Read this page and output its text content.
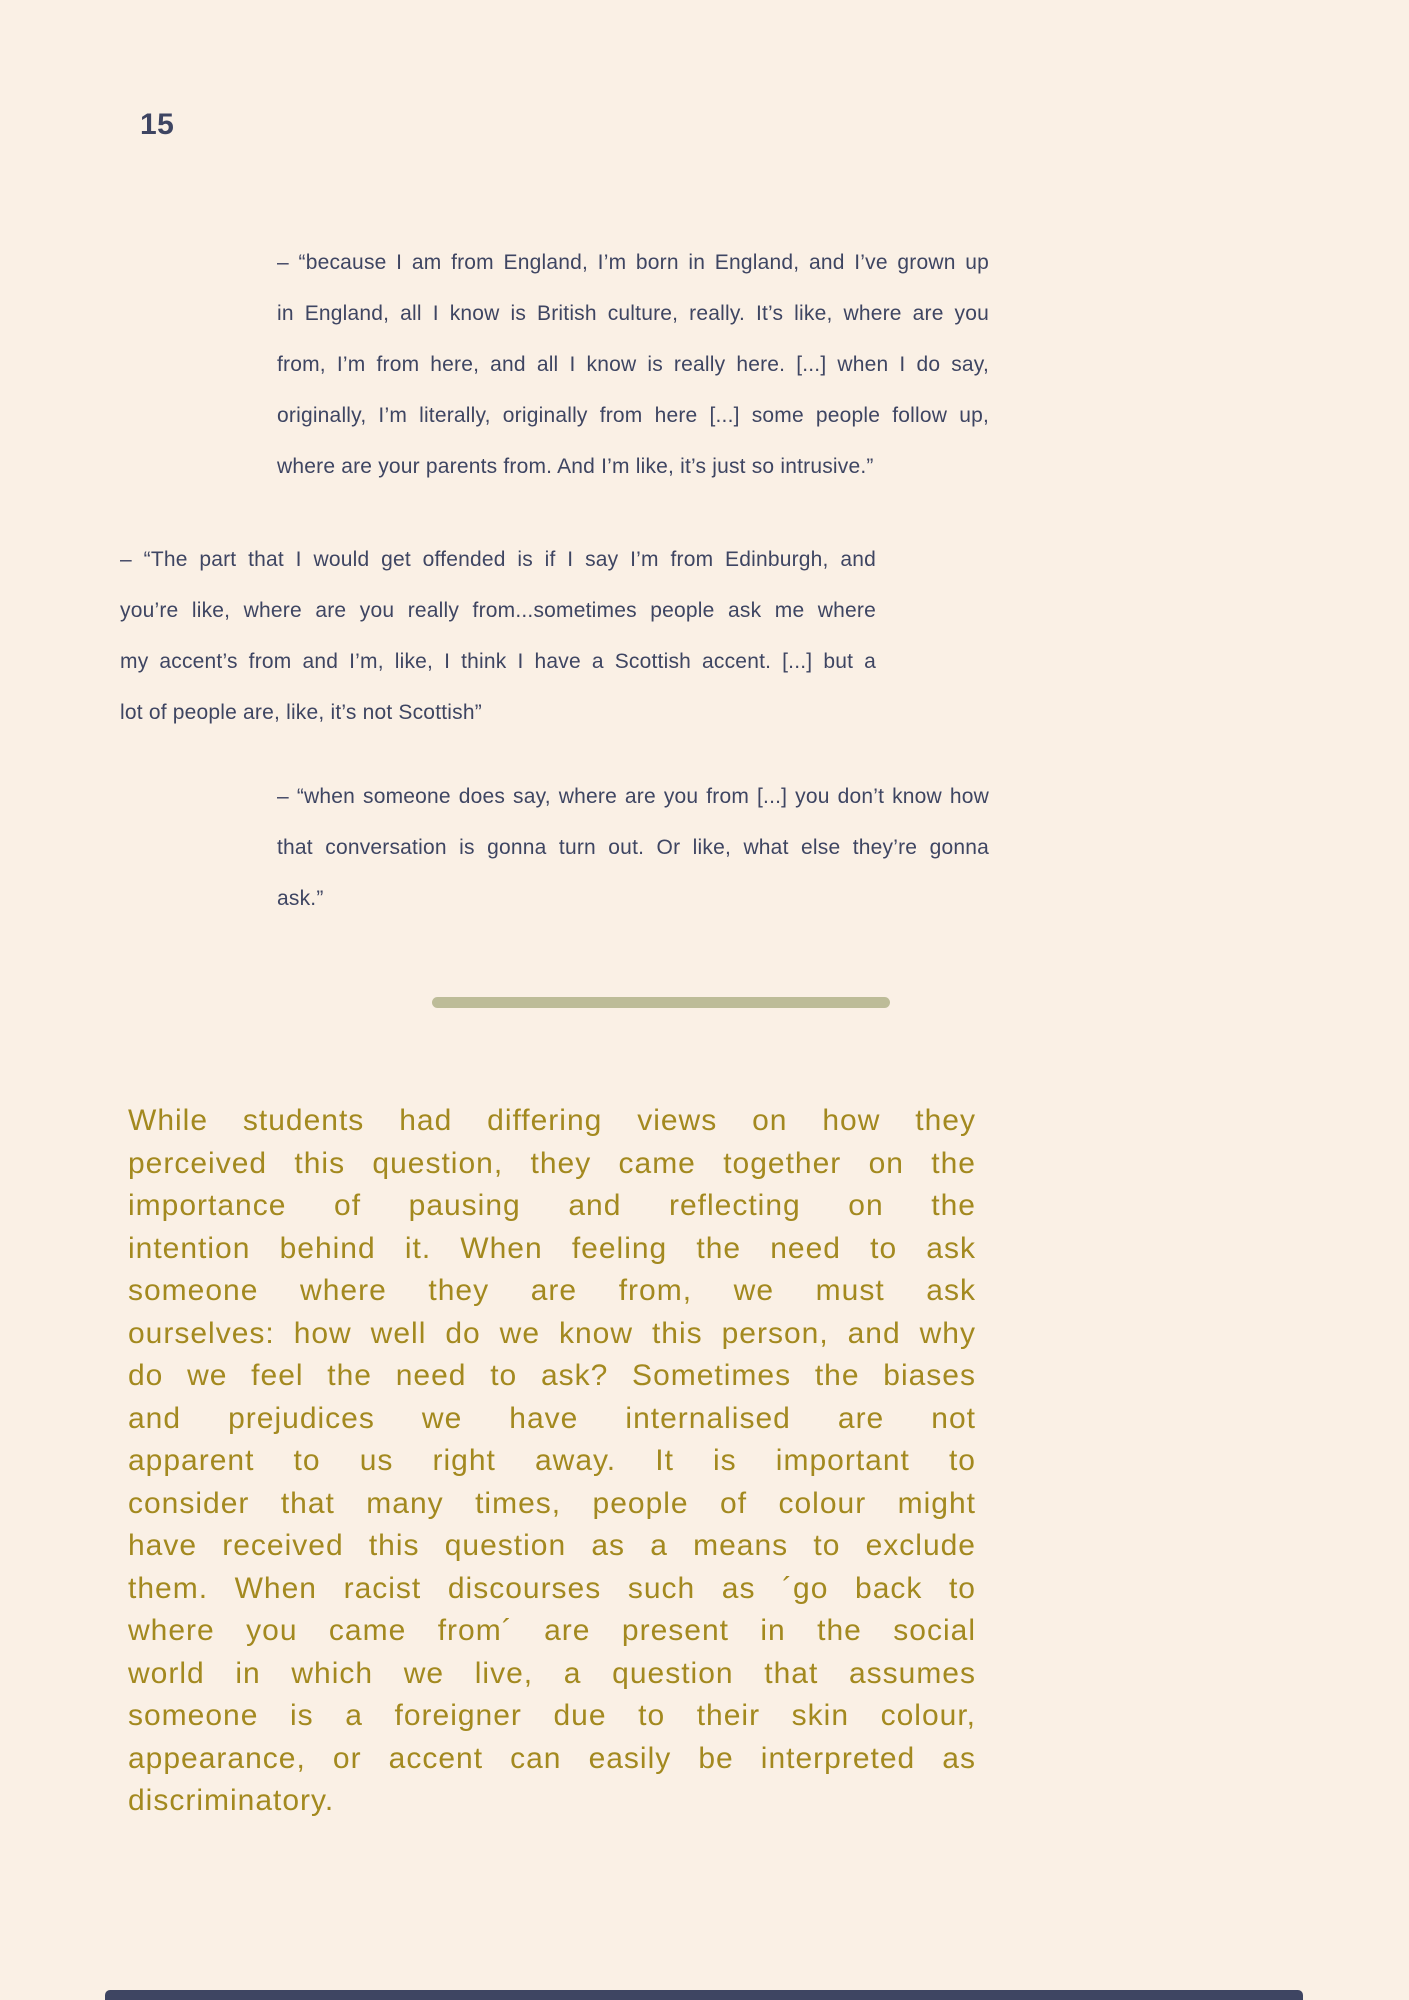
15
– “because I am from England, I’m born in England, and I’ve grown up
in England, all I know is British culture, really. It’s like, where are you
from, I’m from here, and all I know is really here. [...] when I do say,
originally, I’m literally, originally from here [...] some people follow up,
where are your parents from. And I’m like, it’s just so intrusive.”
– “The part that I would get offended is if I say I’m from Edinburgh, and
you’re like, where are you really from...sometimes people ask me where
my accent’s from and I’m, like, I think I have a Scottish accent. [...] but a
lot of people are, like, it’s not Scottish”
– “when someone does say, where are you from [...] you don’t know how
that conversation is gonna turn out. Or like, what else they’re gonna
ask.”
While students had differing views on how they
perceived this question, they came together on the
importance of pausing and reflecting on the
intention behind it. When feeling the need to ask
someone where they are from, we must ask
ourselves: how well do we know this person, and why
do we feel the need to ask? Sometimes the biases
and prejudices we have internalised are not
apparent to us right away. It is important to
consider that many times, people of colour might
have received this question as a means to exclude
them. When racist discourses such as ´go back to
where you came from´ are present in the social
world in which we live, a question that assumes
someone is a foreigner due to their skin colour,
appearance, or accent can easily be interpreted as
discriminatory.
